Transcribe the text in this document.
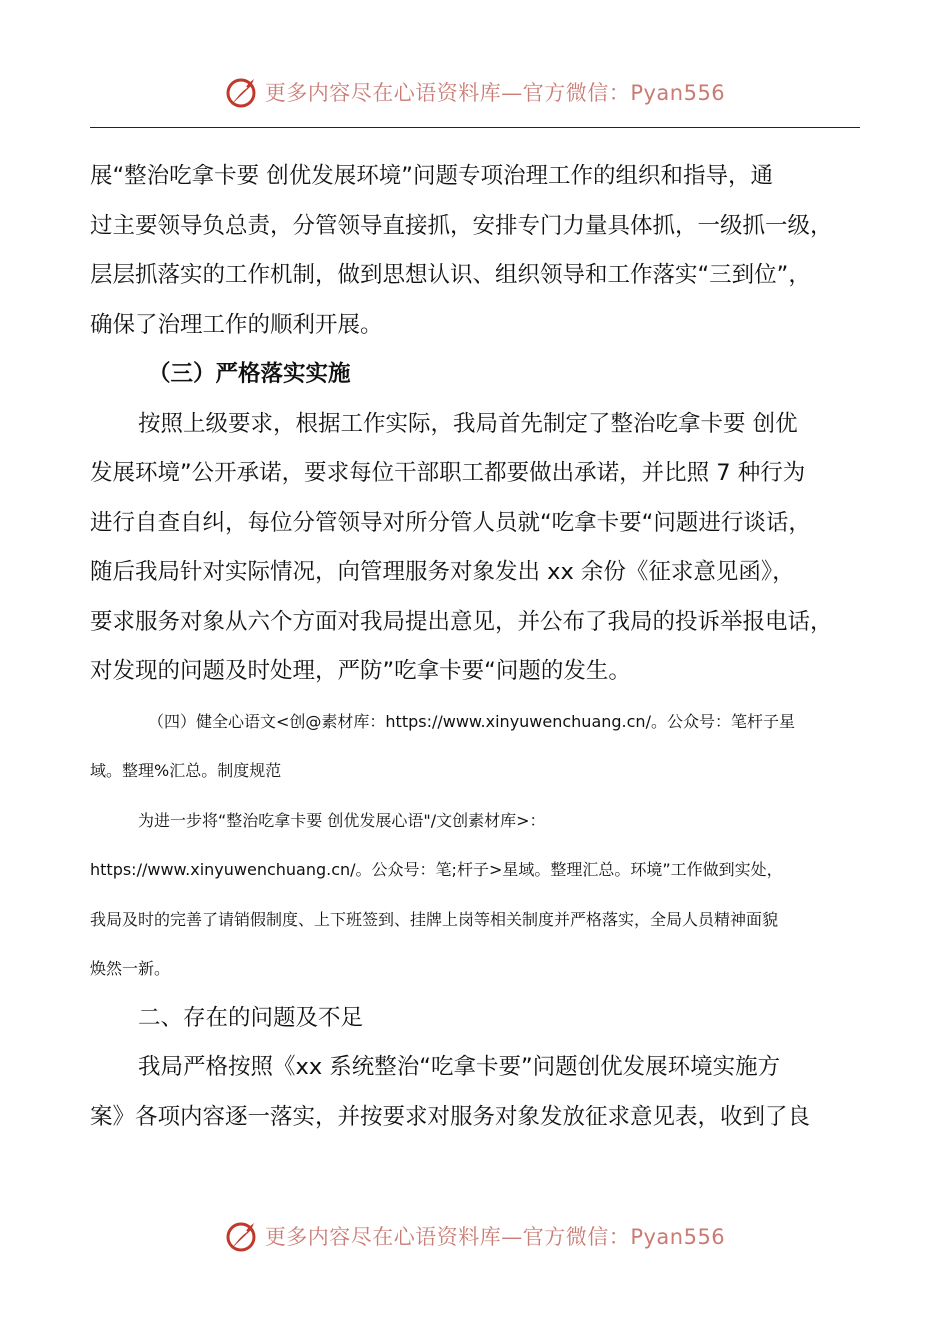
更多内容尽在心语资料库—官方微信：Pyan556
展“整治吃拿卡要 创优发展环境”问题专项治理工作的组织和指导，通
过主要领导负总责，分管领导直接抓，安排专门力量具体抓，一级抓一级，
层层抓落实的工作机制，做到思想认识、组织领导和工作落实“三到位”，
确保了治理工作的顺利开展。
（三）严格落实实施
按照上级要求，根据工作实际，我局首先制定了整治吃拿卡要 创优
发展环境”公开承诺，要求每位干部职工都要做出承诺，并比照 7 种行为
进行自查自纠，每位分管领导对所分管人员就“吃拿卡要“问题进行谈话，
随后我局针对实际情况，向管理服务对象发出 xx 余份《征求意见函》，
要求服务对象从六个方面对我局提出意见，并公布了我局的投诉举报电话，
对发现的问题及时处理，严防”吃拿卡要“问题的发生。
（四）健全心语文<创@素材库：https://www.xinyuwenchuang.cn/。公众号：笔杆子星
域。整理%汇总。制度规范
为进一步将“整治吃拿卡要 创优发展心语"/文创素材库>：
https://www.xinyuwenchuang.cn/。公众号：笔;杆子>星域。整理汇总。环境”工作做到实处，
我局及时的完善了请销假制度、上下班签到、挂牌上岗等相关制度并严格落实，全局人员精神面貌
焕然一新。
二、存在的问题及不足
我局严格按照《xx 系统整治“吃拿卡要”问题创优发展环境实施方
案》各项内容逐一落实，并按要求对服务对象发放征求意见表，收到了良
更多内容尽在心语资料库—官方微信：Pyan556
